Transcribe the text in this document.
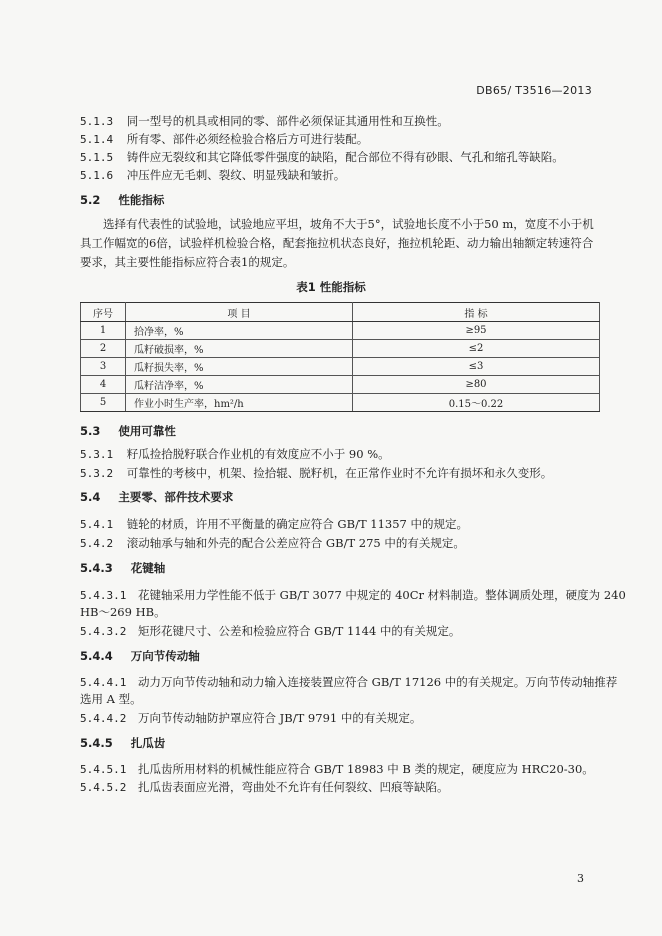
DB65/ T3516—2013
5.1.3 同一型号的机具或相同的零、部件必须保证其通用性和互换性。
5.1.4 所有零、部件必须经检验合格后方可进行装配。
5.1.5 铸件应无裂纹和其它降低零件强度的缺陷，配合部位不得有砂眼、气孔和缩孔等缺陷。
5.1.6 冲压件应无毛刺、裂纹、明显残缺和皱折。
5.2 性能指标
选择有代表性的试验地，试验地应平坦，坡角不大于5°，试验地长度不小于50 m，宽度不小于机
具工作幅宽的6倍，试验样机检验合格，配套拖拉机状态良好，拖拉机轮距、动力输出轴额定转速符合
要求，其主要性能指标应符合表1的规定。
表1 性能指标
序号	项 目	指 标
1	拾净率，%	≥95
2	瓜籽破损率，%	≤2
3	瓜籽损失率，%	≤3
4	瓜籽洁净率，%	≥80
5	作业小时生产率，hm²/h	0.15～0.22
5.3 使用可靠性
5.3.1 籽瓜捡拾脱籽联合作业机的有效度应不小于 90 %。
5.3.2 可靠性的考核中，机架、捡拾辊、脱籽机，在正常作业时不允许有损坏和永久变形。
5.4 主要零、部件技术要求
5.4.1 链轮的材质，许用不平衡量的确定应符合 GB/T 11357 中的规定。
5.4.2 滚动轴承与轴和外壳的配合公差应符合 GB/T 275 中的有关规定。
5.4.3 花键轴
5.4.3.1 花键轴采用力学性能不低于 GB/T 3077 中规定的 40Cr 材料制造。整体调质处理，硬度为 240
HB～269 HB。
5.4.3.2 矩形花键尺寸、公差和检验应符合 GB/T 1144 中的有关规定。
5.4.4 万向节传动轴
5.4.4.1 动力万向节传动轴和动力输入连接装置应符合 GB/T 17126 中的有关规定。万向节传动轴推荐
选用 A 型。
5.4.4.2 万向节传动轴防护罩应符合 JB/T 9791 中的有关规定。
5.4.5 扎瓜齿
5.4.5.1 扎瓜齿所用材料的机械性能应符合 GB/T 18983 中 B 类的规定，硬度应为 HRC20-30。
5.4.5.2 扎瓜齿表面应光滑，弯曲处不允许有任何裂纹、凹痕等缺陷。
3
